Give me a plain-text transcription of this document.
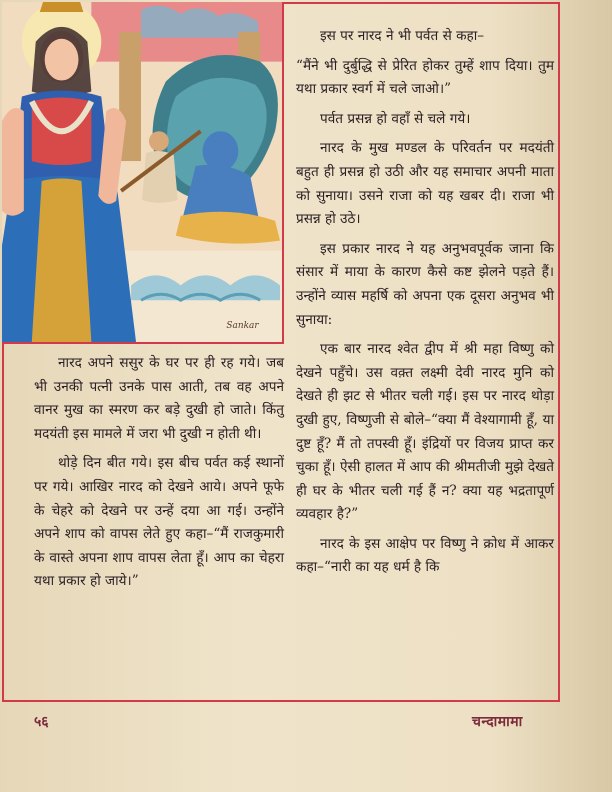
Sankar

इस पर नारद ने भी पर्वत से कहा–

“मैंने भी दुर्बुद्धि से प्रेरित होकर तुम्हें शाप दिया। तुम यथा प्रकार स्वर्ग में चले जाओ।”

पर्वत प्रसन्न हो वहाँ से चले गये।

नारद के मुख मण्डल के परिवर्तन पर मदयंती बहुत ही प्रसन्न हो उठी और यह समाचार अपनी माता को सुनाया। उसने राजा को यह खबर दी। राजा भी प्रसन्न हो उठे।

इस प्रकार नारद ने यह अनुभवपूर्वक जाना कि संसार में माया के कारण कैसे कष्ट झेलने पड़ते हैं। उन्होंने व्यास महर्षि को अपना एक दूसरा अनुभव भी सुनाया:

एक बार नारद श्वेत द्वीप में श्री महा विष्णु को देखने पहुँचे। उस वक़्त लक्ष्मी देवी नारद मुनि को देखते ही झट से भीतर चली गई। इस पर नारद थोड़ा दुखी हुए, विष्णुजी से बोले–“क्या मैं वेश्यागामी हूँ, या दुष्ट हूँ? मैं तो तपस्वी हूँ। इंद्रियों पर विजय प्राप्त कर चुका हूँ। ऐसी हालत में आप की श्रीमतीजी मुझे देखते ही घर के भीतर चली गई हैं न? क्या यह भद्रतापूर्ण व्यवहार है?”

नारद के इस आक्षेप पर विष्णु ने क्रोध में आकर कहा–“नारी का यह धर्म है कि

नारद अपने ससुर के घर पर ही रह गये। जब भी उनकी पत्नी उनके पास आती, तब वह अपने वानर मुख का स्मरण कर बड़े दुखी हो जाते। किंतु मदयंती इस मामले में जरा भी दुखी न होती थी।

थोड़े दिन बीत गये। इस बीच पर्वत कई स्थानों पर गये। आखिर नारद को देखने आये। अपने फूफे के चेहरे को देखने पर उन्हें दया आ गई। उन्होंने अपने शाप को वापस लेते हुए कहा–“मैं राजकुमारी के वास्ते अपना शाप वापस लेता हूँ। आप का चेहरा यथा प्रकार हो जाये।”

५६	चन्दामामा
